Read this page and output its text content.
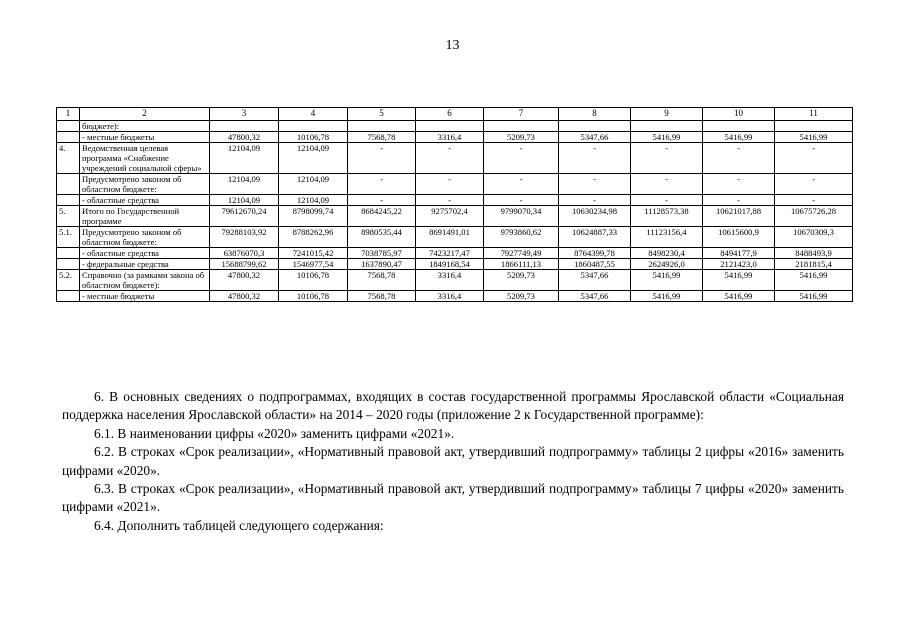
13
1	2	3	4	5	6	7	8	9	10	11
	бюджете):									
	- местные бюджеты	47800,32	10106,78	7568,78	3316,4	5209,73	5347,66	5416,99	5416,99	5416,99
4.	Ведомственная целевая программа «Снабжение учреждений социальной сферы»	12104,09	12104,09	-	-	-	-	-	-	-
	Предусмотрено законом об областном бюджете:	12104,09	12104,09	-	-	-	-	-	-	-
	- областные средства	12104,09	12104,09	-	-	-	-	-	-	-
5.	Итого по Государственной программе	79612670,24	8798099,74	8684245,22	9275702,4	9799070,34	10630234,98	11128573,38	10621017,88	10675726,28
5.1.	Предусмотрено законом об областном бюджете:	79288103,92	8788262,96	8980535,44	8691491,01	9793860,62	10624887,33	11123156,4	10615600,9	10670309,3
	- областные средства	63876070,3	7241015,42	7038785,97	7423217,47	7927749,49	8764399,78	8498230,4	8494177,9	8488493,9
	- федеральные средства	15688799,62	1546977,54	1637890,47	1849168,54	1866111,13	1860487,55	2624926,0	2121423,0	2181815,4
5.2.	Справочно (за рамками закона об областном бюджете):	47800,32	10106,78	7568,78	3316,4	5209,73	5347,66	5416,99	5416,99	5416,99
	- местные бюджеты	47800,32	10106,78	7568,78	3316,4	5209,73	5347,66	5416,99	5416,99	5416,99

6. В основных сведениях о подпрограммах, входящих в состав государственной программы Ярославской области «Социальная поддержка населения Ярославской области» на 2014 – 2020 годы (приложение 2 к Государственной программе):

6.1. В наименовании цифры «2020» заменить цифрами «2021».

6.2. В строках «Срок реализации», «Нормативный правовой акт, утвердивший подпрограмму» таблицы 2 цифры «2016» заменить цифрами «2020».

6.3. В строках «Срок реализации», «Нормативный правовой акт, утвердивший подпрограмму» таблицы 7 цифры «2020» заменить цифрами «2021».

6.4. Дополнить таблицей следующего содержания:
